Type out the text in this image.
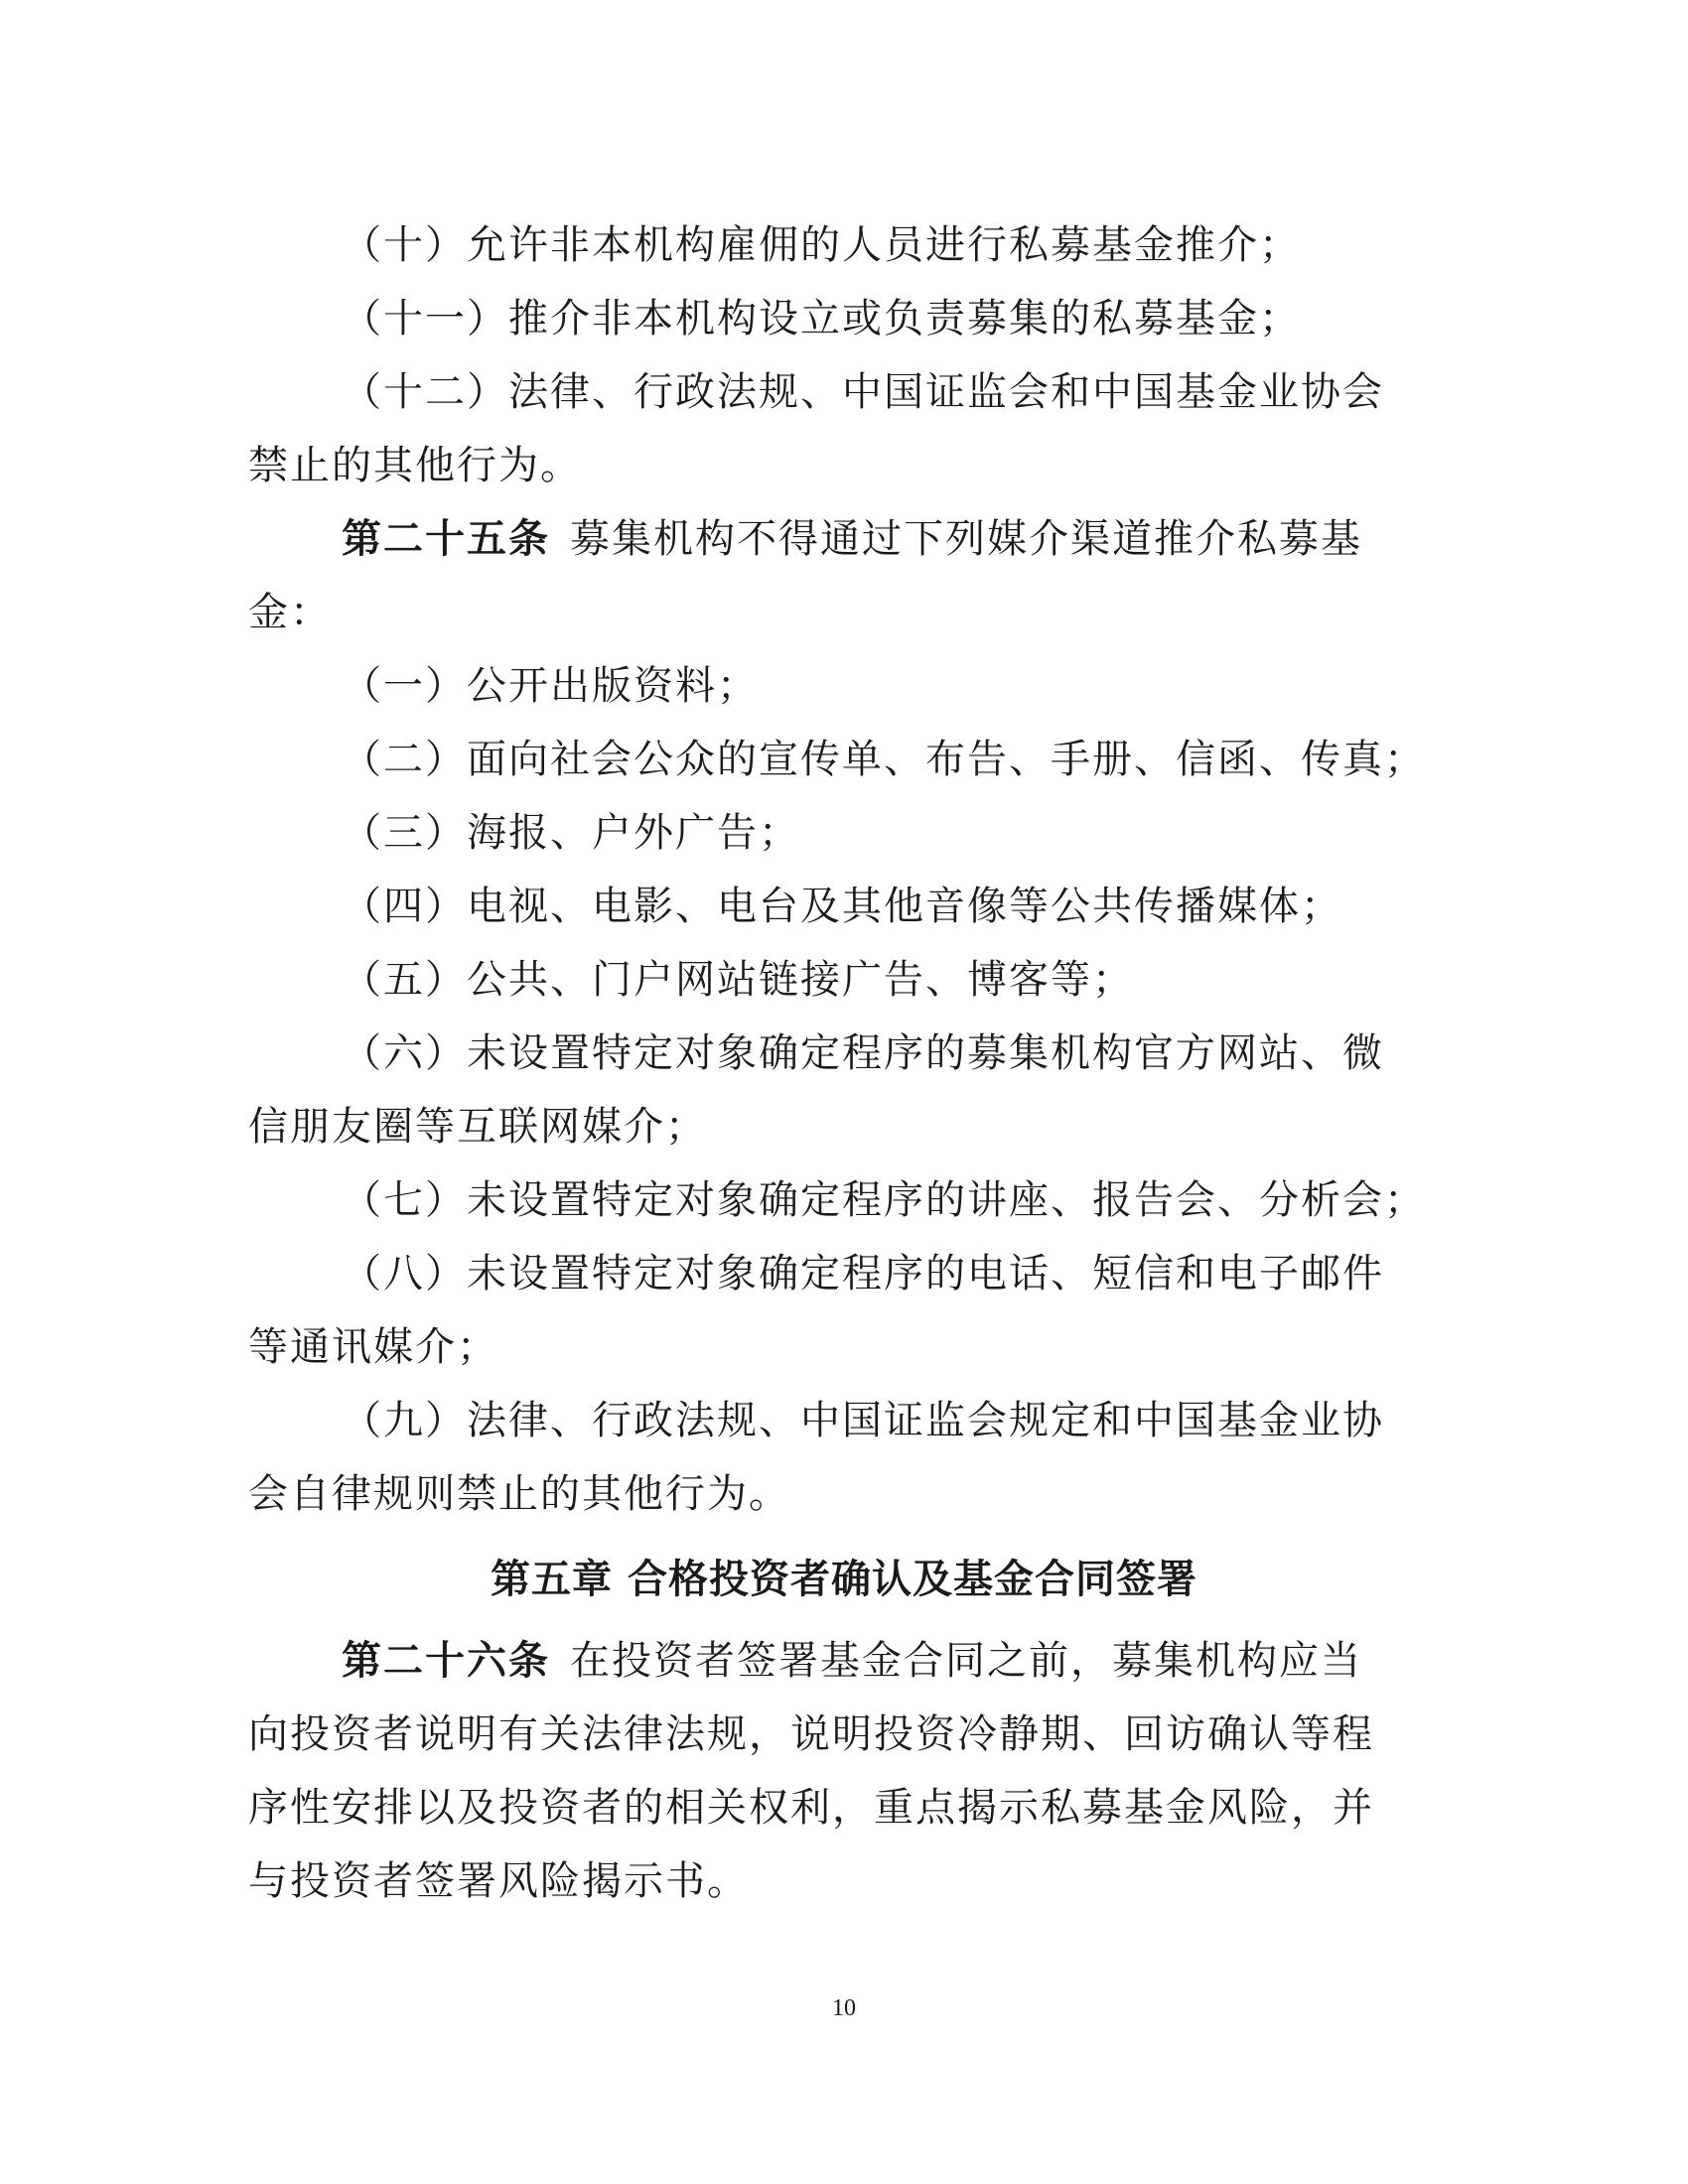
（十）允许非本机构雇佣的人员进行私募基金推介；

（十一）推介非本机构设立或负责募集的私募基金；

（十二）法律、行政法规、中国证监会和中国基金业协会

禁止的其他行为。

第二十五条 募集机构不得通过下列媒介渠道推介私募基

金：

（一）公开出版资料；

（二）面向社会公众的宣传单、布告、手册、信函、传真；

（三）海报、户外广告；

（四）电视、电影、电台及其他音像等公共传播媒体；

（五）公共、门户网站链接广告、博客等；

（六）未设置特定对象确定程序的募集机构官方网站、微

信朋友圈等互联网媒介；

（七）未设置特定对象确定程序的讲座、报告会、分析会；

（八）未设置特定对象确定程序的电话、短信和电子邮件

等通讯媒介；

（九）法律、行政法规、中国证监会规定和中国基金业协

会自律规则禁止的其他行为。

第五章 合格投资者确认及基金合同签署

第二十六条 在投资者签署基金合同之前，募集机构应当

向投资者说明有关法律法规，说明投资冷静期、回访确认等程

序性安排以及投资者的相关权利，重点揭示私募基金风险，并

与投资者签署风险揭示书。

10
